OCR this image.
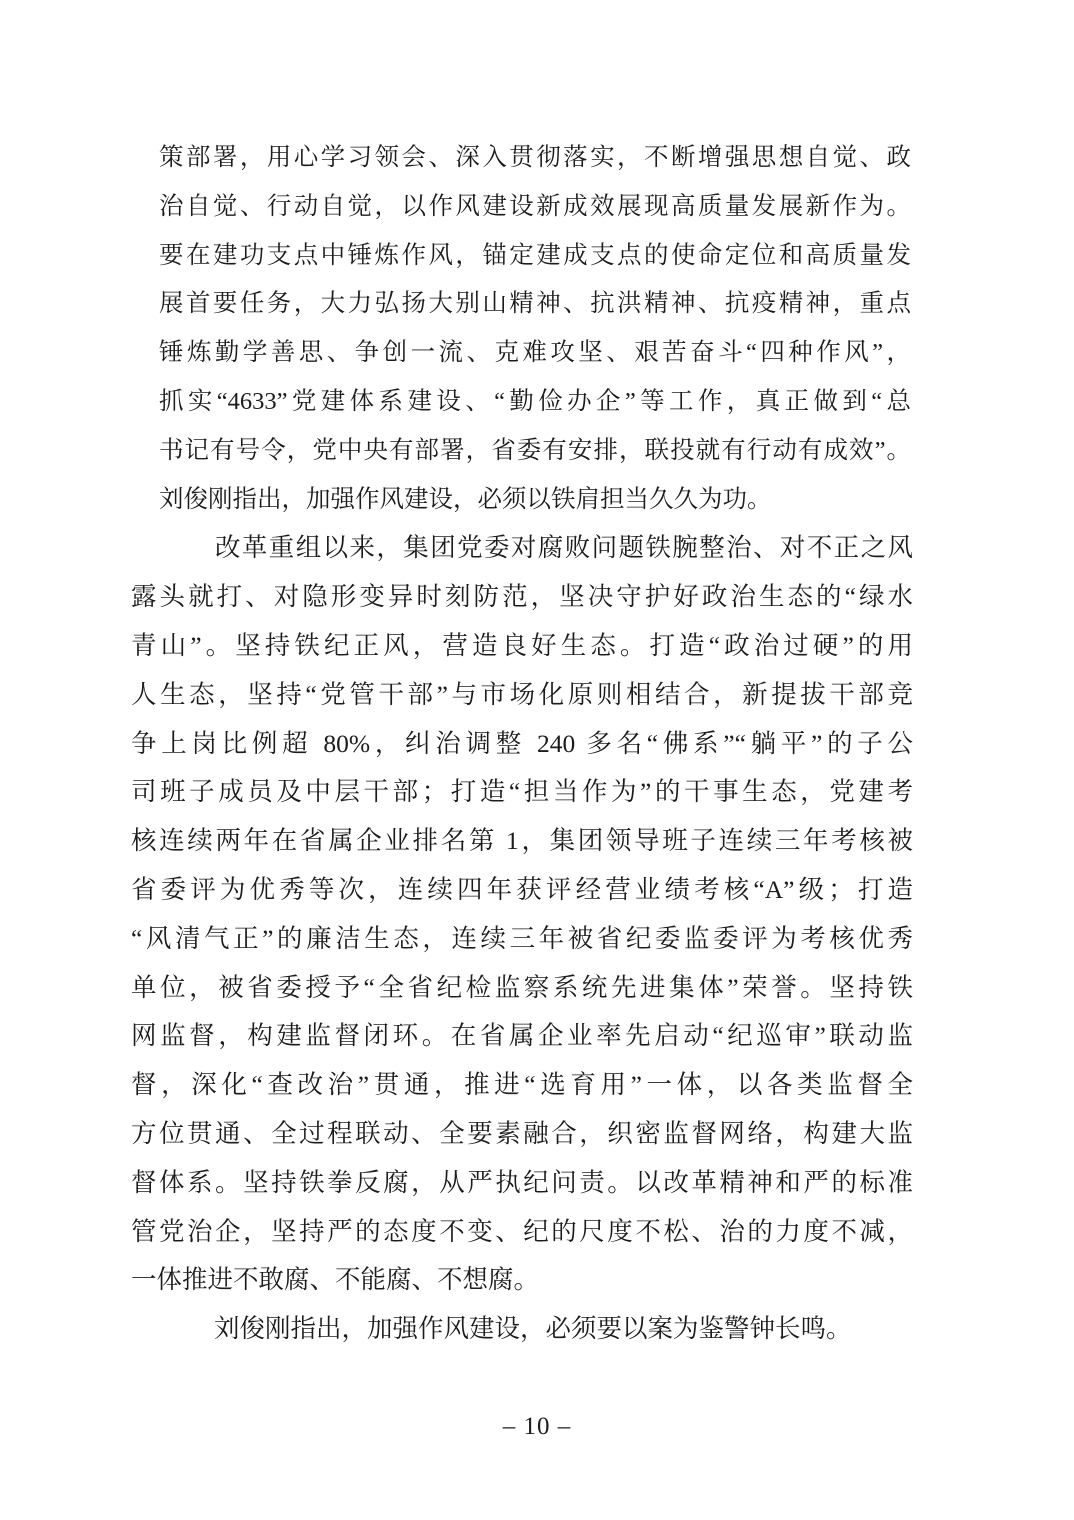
策部署，用心学习领会、深入贯彻落实，不断增强思想自觉、政
治自觉、行动自觉，以作风建设新成效展现高质量发展新作为。
要在建功支点中锤炼作风，锚定建成支点的使命定位和高质量发
展首要任务，大力弘扬大别山精神、抗洪精神、抗疫精神，重点
锤炼勤学善思、争创一流、克难攻坚、艰苦奋斗“四种作风”，
抓实“4633”党建体系建设、“勤俭办企”等工作，真正做到“总
书记有号令，党中央有部署，省委有安排，联投就有行动有成效”。
刘俊刚指出，加强作风建设，必须以铁肩担当久久为功。
改革重组以来，集团党委对腐败问题铁腕整治、对不正之风
露头就打、对隐形变异时刻防范，坚决守护好政治生态的“绿水
青山”。坚持铁纪正风，营造良好生态。打造“政治过硬”的用
人生态，坚持“党管干部”与市场化原则相结合，新提拔干部竞
争上岗比例超 80%，纠治调整 240 多名“佛系”“躺平”的子公
司班子成员及中层干部；打造“担当作为”的干事生态，党建考
核连续两年在省属企业排名第 1，集团领导班子连续三年考核被
省委评为优秀等次，连续四年获评经营业绩考核“A”级；打造
“风清气正”的廉洁生态，连续三年被省纪委监委评为考核优秀
单位，被省委授予“全省纪检监察系统先进集体”荣誉。坚持铁
网监督，构建监督闭环。在省属企业率先启动“纪巡审”联动监
督，深化“查改治”贯通，推进“选育用”一体，以各类监督全
方位贯通、全过程联动、全要素融合，织密监督网络，构建大监
督体系。坚持铁拳反腐，从严执纪问责。以改革精神和严的标准
管党治企，坚持严的态度不变、纪的尺度不松、治的力度不减，
一体推进不敢腐、不能腐、不想腐。
刘俊刚指出，加强作风建设，必须要以案为鉴警钟长鸣。
– 10 –
